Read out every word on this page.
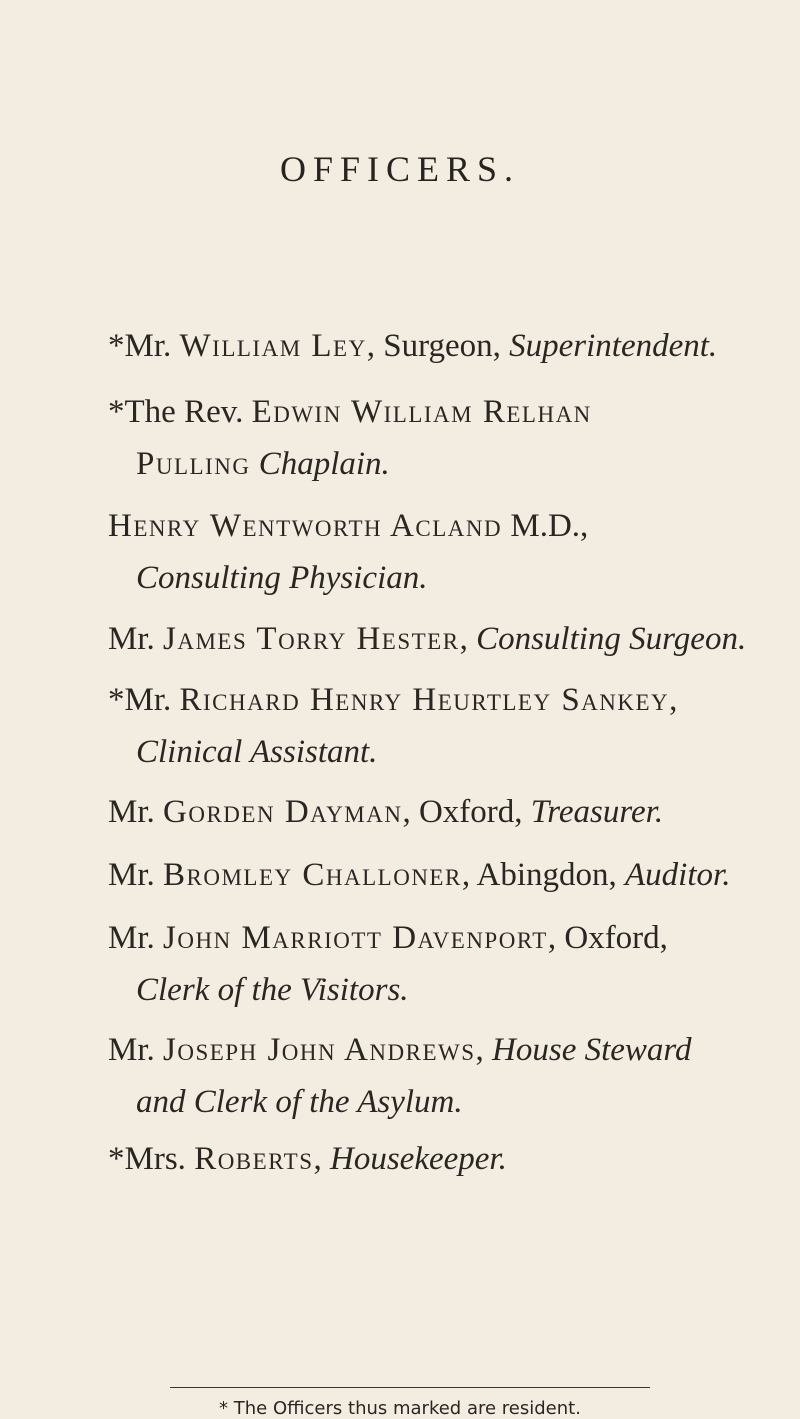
OFFICERS.
*Mr. William Ley, Surgeon, Superintendent.
*The Rev. Edwin William Relhan
Pulling Chaplain.
Henry Wentworth Acland M.D.,
Consulting Physician.
Mr. James Torry Hester, Consulting Surgeon.
*Mr. Richard Henry Heurtley Sankey,
Clinical Assistant.
Mr. Gorden Dayman, Oxford, Treasurer.
Mr. Bromley Challoner, Abingdon, Auditor.
Mr. John Marriott Davenport, Oxford,
Clerk of the Visitors.
Mr. Joseph John Andrews, House Steward
and Clerk of the Asylum.
*Mrs. Roberts, Housekeeper.
* The Officers thus marked are resident.
